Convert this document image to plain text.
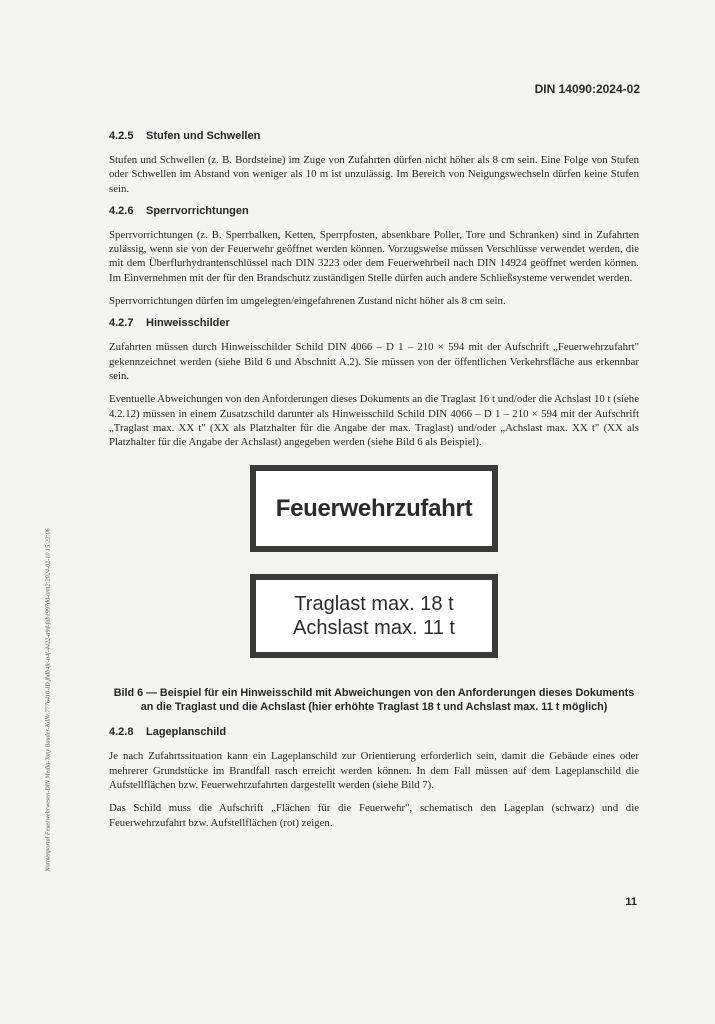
DIN 14090:2024-02
Normenportal Feuerwehrwesen-DIN Media-Tony Bauder-KdNr.7776410-ID.jhdb4fe-a4f-4422-a9d-fab1997dd-amt2:2024-02-10 15:22:06
4.2.5	Stufen und Schwellen

Stufen und Schwellen (z. B. Bordsteine) im Zuge von Zufahrten dürfen nicht höher als 8 cm sein. Eine Folge von Stufen oder Schwellen im Abstand von weniger als 10 m ist unzulässig. Im Bereich von Neigungswechseln dürfen keine Stufen sein.

4.2.6	Sperrvorrichtungen

Sperrvorrichtungen (z. B. Sperrbalken, Ketten, Sperrpfosten, absenkbare Poller, Tore und Schranken) sind in Zufahrten zulässig, wenn sie von der Feuerwehr geöffnet werden können. Vorzugsweise müssen Verschlüsse verwendet werden, die mit dem Überflurhydrantenschlüssel nach DIN 3223 oder dem Feuerwehrbeil nach DIN 14924 geöffnet werden können. Im Einvernehmen mit der für den Brandschutz zuständigen Stelle dürfen auch andere Schließsysteme verwendet werden.

Sperrvorrichtungen dürfen im umgelegten/eingefahrenen Zustand nicht höher als 8 cm sein.

4.2.7	Hinweisschilder

Zufahrten müssen durch Hinweisschilder Schild DIN 4066 – D 1 – 210 × 594 mit der Aufschrift „Feuerwehrzufahrt" gekennzeichnet werden (siehe Bild 6 und Abschnitt A.2). Sie müssen von der öffentlichen Verkehrsfläche aus erkennbar sein.

Eventuelle Abweichungen von den Anforderungen dieses Dokuments an die Traglast 16 t und/oder die Achslast 10 t (siehe 4.2.12) müssen in einem Zusatzschild darunter als Hinweisschild Schild DIN 4066 – D 1 – 210 × 594 mit der Aufschrift „Traglast max. XX t" (XX als Platzhalter für die Angabe der max. Traglast) und/oder „Achslast max. XX t" (XX als Platzhalter für die Angabe der Achslast) angegeben werden (siehe Bild 6 als Beispiel).

Feuerwehrzufahrt
Traglast max. 18 t
Achslast max. 11 t
Bild 6 — Beispiel für ein Hinweisschild mit Abweichungen von den Anforderungen dieses Dokuments an die Traglast und die Achslast (hier erhöhte Traglast 18 t und Achslast max. 11 t möglich)
4.2.8	Lageplanschild

Je nach Zufahrtssituation kann ein Lageplanschild zur Orientierung erforderlich sein, damit die Gebäude eines oder mehrerer Grundstücke im Brandfall rasch erreicht werden können. In dem Fall müssen auf dem Lageplanschild die Aufstellflächen bzw. Feuerwehrzufahrten dargestellt werden (siehe Bild 7).

Das Schild muss die Aufschrift „Flächen für die Feuerwehr", schematisch den Lageplan (schwarz) und die Feuerwehrzufahrt bzw. Aufstellflächen (rot) zeigen.

11
